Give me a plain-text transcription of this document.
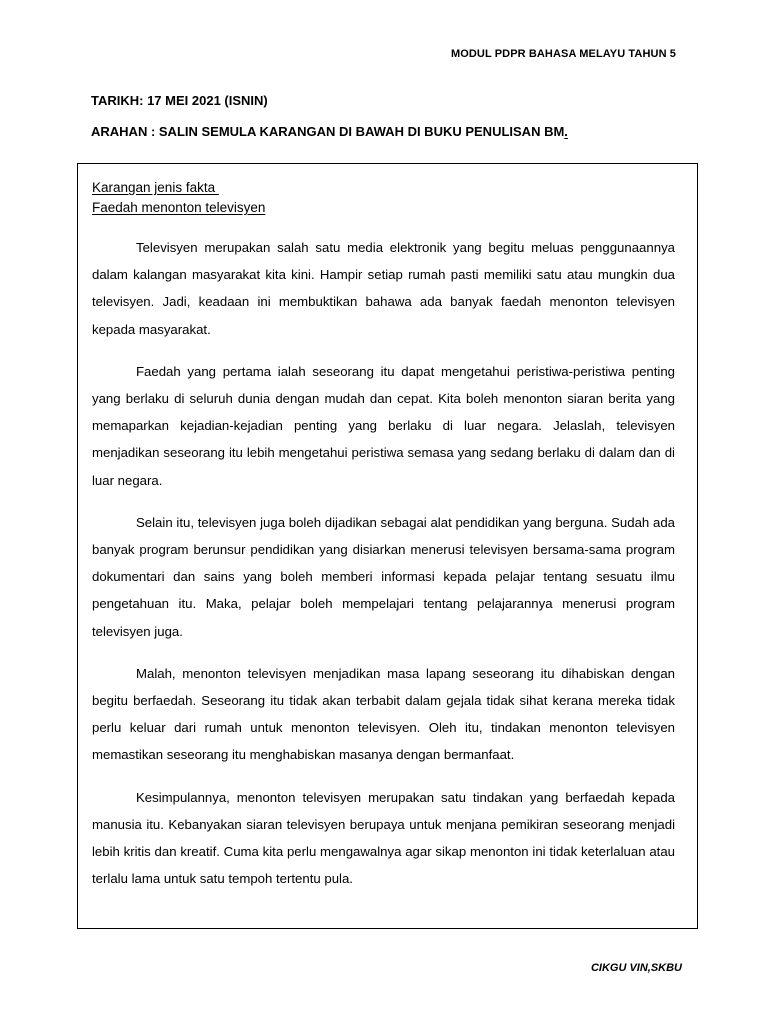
MODUL PDPR BAHASA MELAYU TAHUN 5
TARIKH: 17 MEI 2021 (ISNIN)
ARAHAN : SALIN SEMULA KARANGAN DI BAWAH DI BUKU PENULISAN BM.

Karangan jenis fakta

Faedah menonton televisyen

Televisyen merupakan salah satu media elektronik yang begitu meluas penggunaannya dalam kalangan masyarakat kita kini. Hampir setiap rumah pasti memiliki satu atau mungkin dua televisyen. Jadi, keadaan ini membuktikan bahawa ada banyak faedah menonton televisyen kepada masyarakat.

Faedah yang pertama ialah seseorang itu dapat mengetahui peristiwa-peristiwa penting yang berlaku di seluruh dunia dengan mudah dan cepat. Kita boleh menonton siaran berita yang memaparkan kejadian-kejadian penting yang berlaku di luar negara. Jelaslah, televisyen menjadikan seseorang itu lebih mengetahui peristiwa semasa yang sedang berlaku di dalam dan di luar negara.

Selain itu, televisyen juga boleh dijadikan sebagai alat pendidikan yang berguna. Sudah ada banyak program berunsur pendidikan yang disiarkan menerusi televisyen bersama-sama program dokumentari dan sains yang boleh memberi informasi kepada pelajar tentang sesuatu ilmu pengetahuan itu. Maka, pelajar boleh mempelajari tentang pelajarannya menerusi program televisyen juga.

Malah, menonton televisyen menjadikan masa lapang seseorang itu dihabiskan dengan begitu berfaedah. Seseorang itu tidak akan terbabit dalam gejala tidak sihat kerana mereka tidak perlu keluar dari rumah untuk menonton televisyen. Oleh itu, tindakan menonton televisyen memastikan seseorang itu menghabiskan masanya dengan bermanfaat.

Kesimpulannya, menonton televisyen merupakan satu tindakan yang berfaedah kepada manusia itu. Kebanyakan siaran televisyen berupaya untuk menjana pemikiran seseorang menjadi lebih kritis dan kreatif. Cuma kita perlu mengawalnya agar sikap menonton ini tidak keterlaluan atau terlalu lama untuk satu tempoh tertentu pula.

CIKGU VIN,SKBU
